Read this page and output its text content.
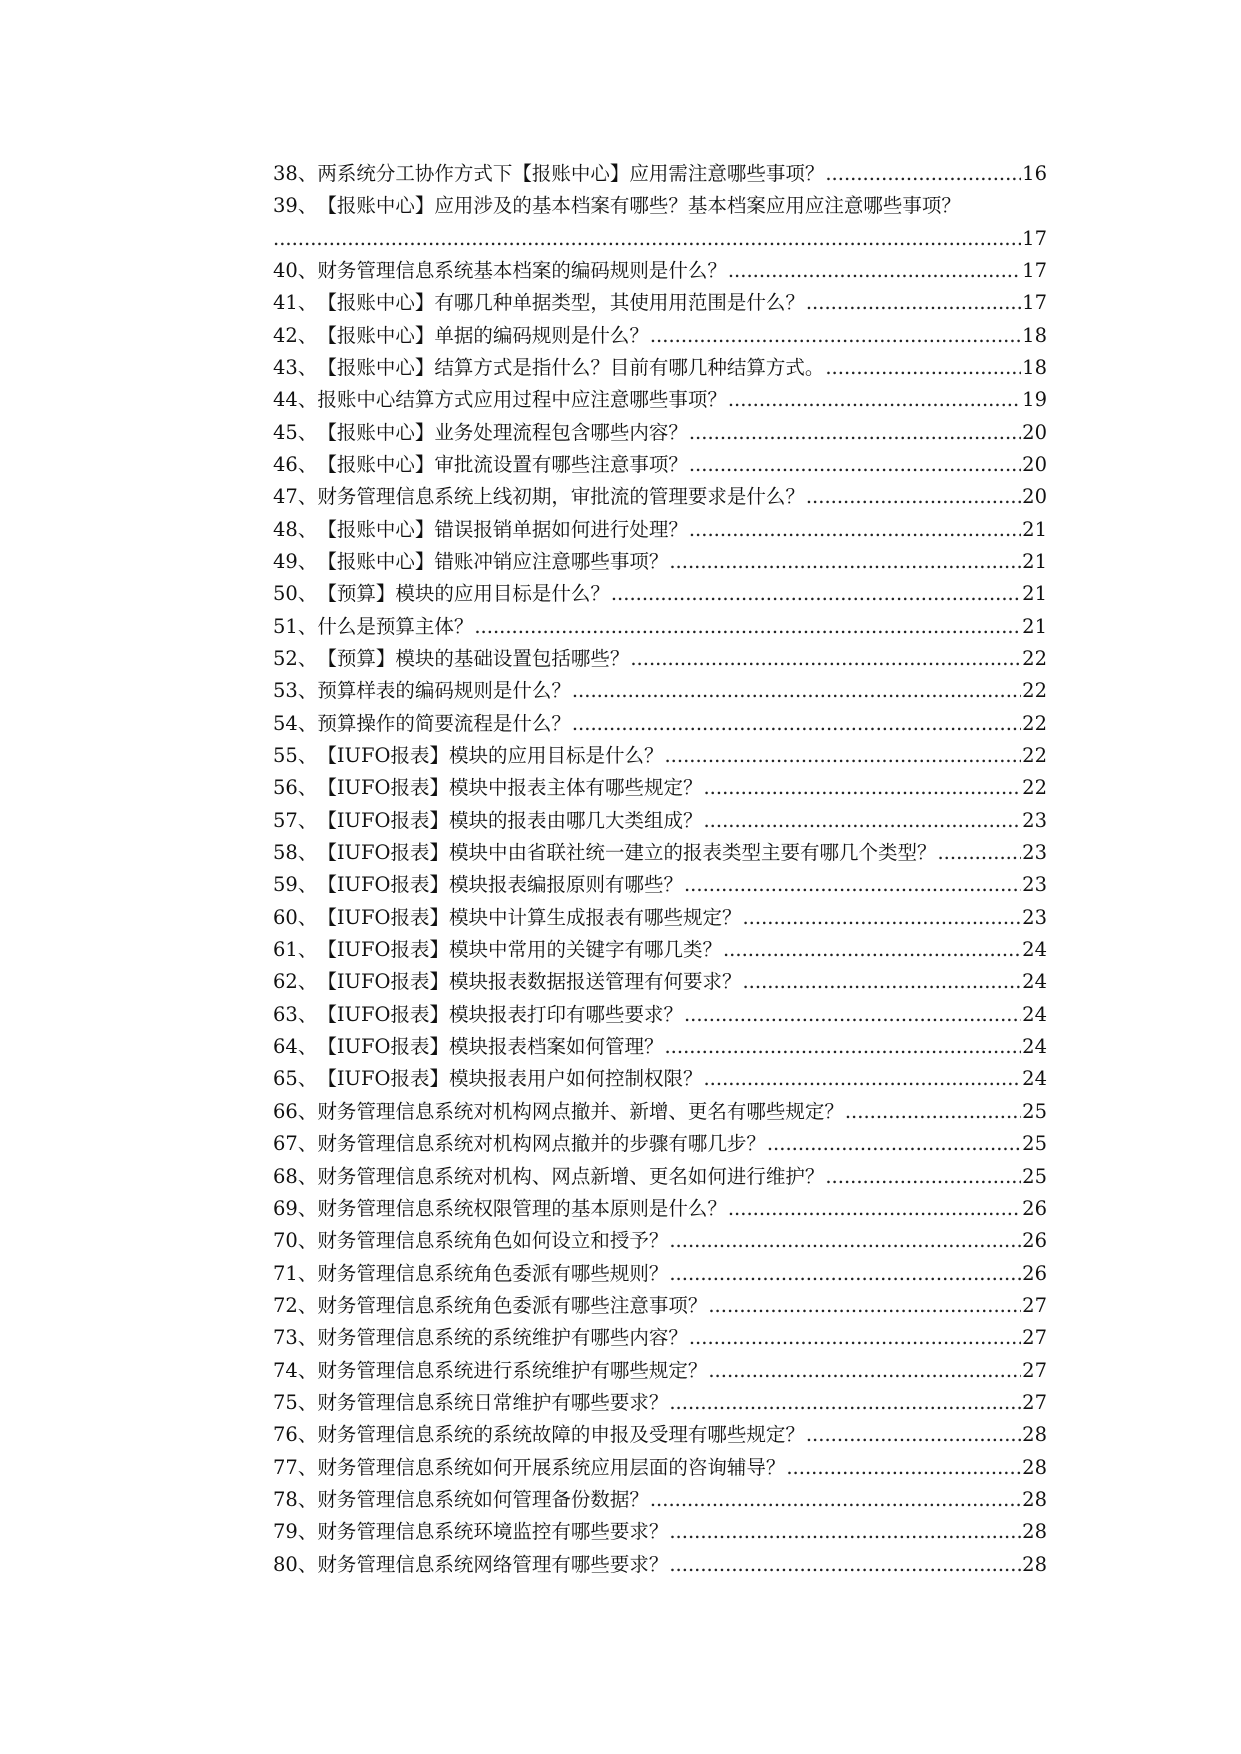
38、 两系统分工协作方式下【报账中心】应用需注意哪些事项？ .....	16
39、 【报账中心】应用涉及的基本档案有哪些？基本档案应用应注意哪些事项？
.....
17
40、 财务管理信息系统基本档案的编码规则是什么？ .....	17
41、 【报账中心】有哪几种单据类型，其使用用范围是什么？ .....	17
42、 【报账中心】单据的编码规则是什么？ .....	18
43、 【报账中心】结算方式是指什么？目前有哪几种结算方式。 .....	18
44、 报账中心结算方式应用过程中应注意哪些事项？ .....	19
45、 【报账中心】业务处理流程包含哪些内容？ .....	20
46、 【报账中心】审批流设置有哪些注意事项？ .....	20
47、 财务管理信息系统上线初期，审批流的管理要求是什么？ .....	20
48、 【报账中心】错误报销单据如何进行处理？ .....	21
49、 【报账中心】错账冲销应注意哪些事项？ .....	21
50、 【预算】模块的应用目标是什么？ .....	21
51、 什么是预算主体？ .....	21
52、 【预算】模块的基础设置包括哪些？ .....	22
53、 预算样表的编码规则是什么？ .....	22
54、 预算操作的简要流程是什么？ .....	22
55、 【IUFO报表】模块的应用目标是什么？ .....	22
56、 【IUFO报表】模块中报表主体有哪些规定？ .....	22
57、 【IUFO报表】模块的报表由哪几大类组成？ .....	23
58、 【IUFO报表】模块中由省联社统一建立的报表类型主要有哪几个类型？ .....	23
59、 【IUFO报表】模块报表编报原则有哪些？ .....	23
60、 【IUFO报表】模块中计算生成报表有哪些规定？ .....	23
61、 【IUFO报表】模块中常用的关键字有哪几类？ .....	24
62、 【IUFO报表】模块报表数据报送管理有何要求？ .....	24
63、 【IUFO报表】模块报表打印有哪些要求？ .....	24
64、 【IUFO报表】模块报表档案如何管理？ .....	24
65、 【IUFO报表】模块报表用户如何控制权限？ .....	24
66、 财务管理信息系统对机构网点撤并、新增、更名有哪些规定？ .....	25
67、 财务管理信息系统对机构网点撤并的步骤有哪几步？ .....	25
68、 财务管理信息系统对机构、网点新增、更名如何进行维护？ .....	25
69、 财务管理信息系统权限管理的基本原则是什么？ .....	26
70、 财务管理信息系统角色如何设立和授予？ .....	26
71、 财务管理信息系统角色委派有哪些规则？ .....	26
72、 财务管理信息系统角色委派有哪些注意事项？ .....	27
73、 财务管理信息系统的系统维护有哪些内容？ .....	27
74、 财务管理信息系统进行系统维护有哪些规定？ .....	27
75、 财务管理信息系统日常维护有哪些要求？ .....	27
76、 财务管理信息系统的系统故障的申报及受理有哪些规定？ .....	28
77、 财务管理信息系统如何开展系统应用层面的咨询辅导？ .....	28
78、 财务管理信息系统如何管理备份数据？ .....	28
79、 财务管理信息系统环境监控有哪些要求？ .....	28
80、 财务管理信息系统网络管理有哪些要求？ .....	28
